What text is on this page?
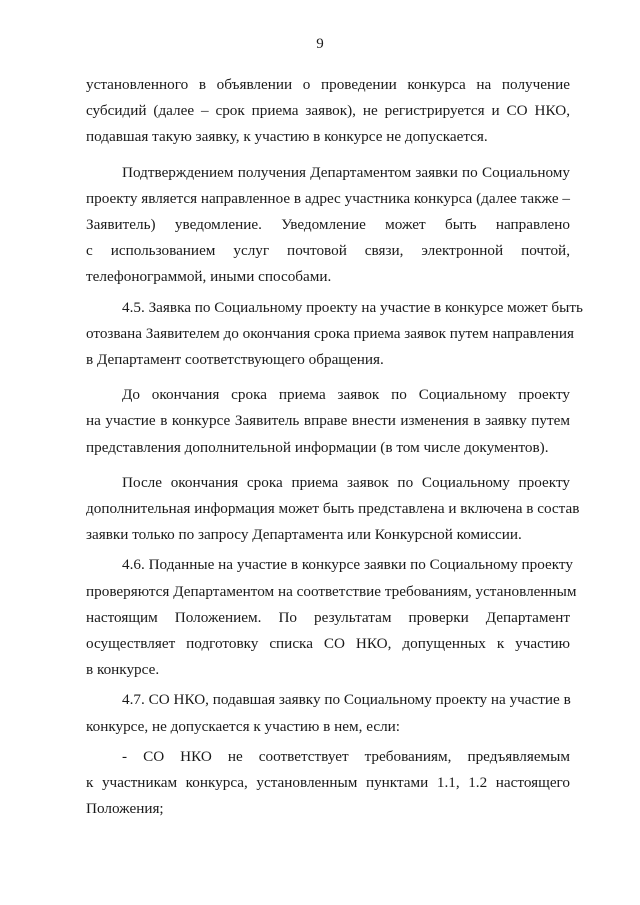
9
установленного в объявлении о проведении конкурса на получение
субсидий (далее – срок приема заявок), не регистрируется и СО НКО,
подавшая такую заявку, к участию в конкурсе не допускается.
Подтверждением получения Департаментом заявки по Социальному
проекту является направленное в адрес участника конкурса (далее также –
Заявитель) уведомление. Уведомление может быть направлено
с использованием услуг почтовой связи, электронной почтой,
телефонограммой, иными способами.
4.5. Заявка по Социальному проекту на участие в конкурсе может быть
отозвана Заявителем до окончания срока приема заявок путем направления
в Департамент соответствующего обращения.
До окончания срока приема заявок по Социальному проекту
на участие в конкурсе Заявитель вправе внести изменения в заявку путем
представления дополнительной информации (в том числе документов).
После окончания срока приема заявок по Социальному проекту
дополнительная информация может быть представлена и включена в состав
заявки только по запросу Департамента или Конкурсной комиссии.
4.6. Поданные на участие в конкурсе заявки по Социальному проекту
проверяются Департаментом на соответствие требованиям, установленным
настоящим Положением. По результатам проверки Департамент
осуществляет подготовку списка СО НКО, допущенных к участию
в конкурсе.
4.7. СО НКО, подавшая заявку по Социальному проекту на участие в
конкурсе, не допускается к участию в нем, если:
- СО НКО не соответствует требованиям, предъявляемым
к участникам конкурса, установленным пунктами 1.1, 1.2 настоящего
Положения;
